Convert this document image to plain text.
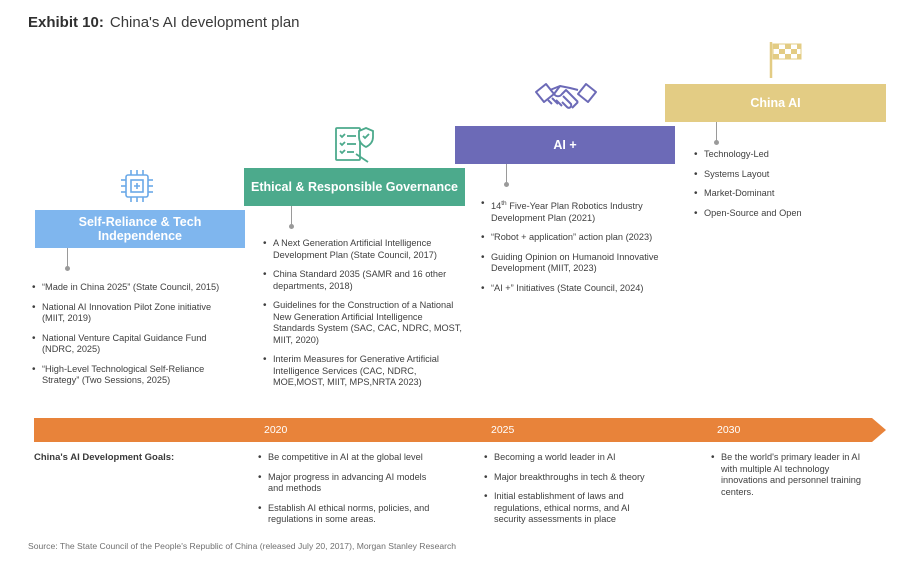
Exhibit 10: China's AI development plan
Self-Reliance & Tech Independence
Ethical & Responsible Governance
AI +
China AI
• “Made in China 2025” (State Council, 2015)
• National AI Innovation Pilot Zone initiative (MIIT, 2019)
• National Venture Capital Guidance Fund (NDRC, 2025)
• “High-Level Technological Self-Reliance Strategy” (Two Sessions, 2025)
• A Next Generation Artificial Intelligence Development Plan (State Council, 2017)
• China Standard 2035 (SAMR and 16 other departments, 2018)
• Guidelines for the Construction of a National New Generation Artificial Intelligence Standards System (SAC, CAC, NDRC, MOST, MIIT, 2020)
• Interim Measures for Generative Artificial Intelligence Services (CAC, NDRC, MOE,MOST, MIIT, MPS,NRTA 2023)
• 14th Five-Year Plan Robotics Industry Development Plan (2021)
• “Robot + application” action plan (2023)
• Guiding Opinion on Humanoid Innovative Development (MIIT, 2023)
• “AI +” Initiatives (State Council, 2024)
• Technology-Led
• Systems Layout
• Market-Dominant
• Open-Source and Open
2020	2025	2030
China's AI Development Goals:
•	Be competitive in AI at the global level
• Major progress in advancing AI models and methods
• Establish AI ethical norms, policies, and regulations in some areas.
• Becoming a world leader in AI
• Major breakthroughs in tech & theory
• Initial establishment of laws and regulations, ethical norms, and AI security assessments in place
• Be the world's primary leader in AI with multiple AI technology innovations and personnel training centers.
Source: The State Council of the People's Republic of China (released July 20, 2017), Morgan Stanley Research
